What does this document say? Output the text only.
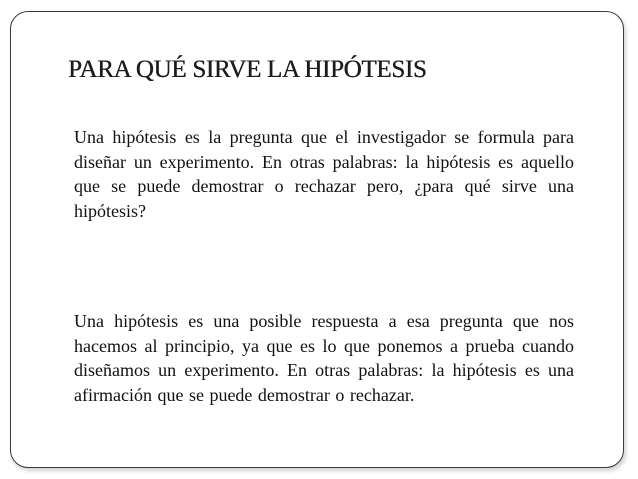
PARA QUÉ SIRVE LA HIPÓTESIS

Una hipótesis es la pregunta que el investigador se formula para diseñar un experimento. En otras palabras: la hipótesis es aquello que se puede demostrar o rechazar pero, ¿para qué sirve una hipótesis?

Una hipótesis es una posible respuesta a esa pregunta que nos hacemos al principio, ya que es lo que ponemos a prueba cuando diseñamos un experimento. En otras palabras: la hipótesis es una afirmación que se puede demostrar o rechazar.
